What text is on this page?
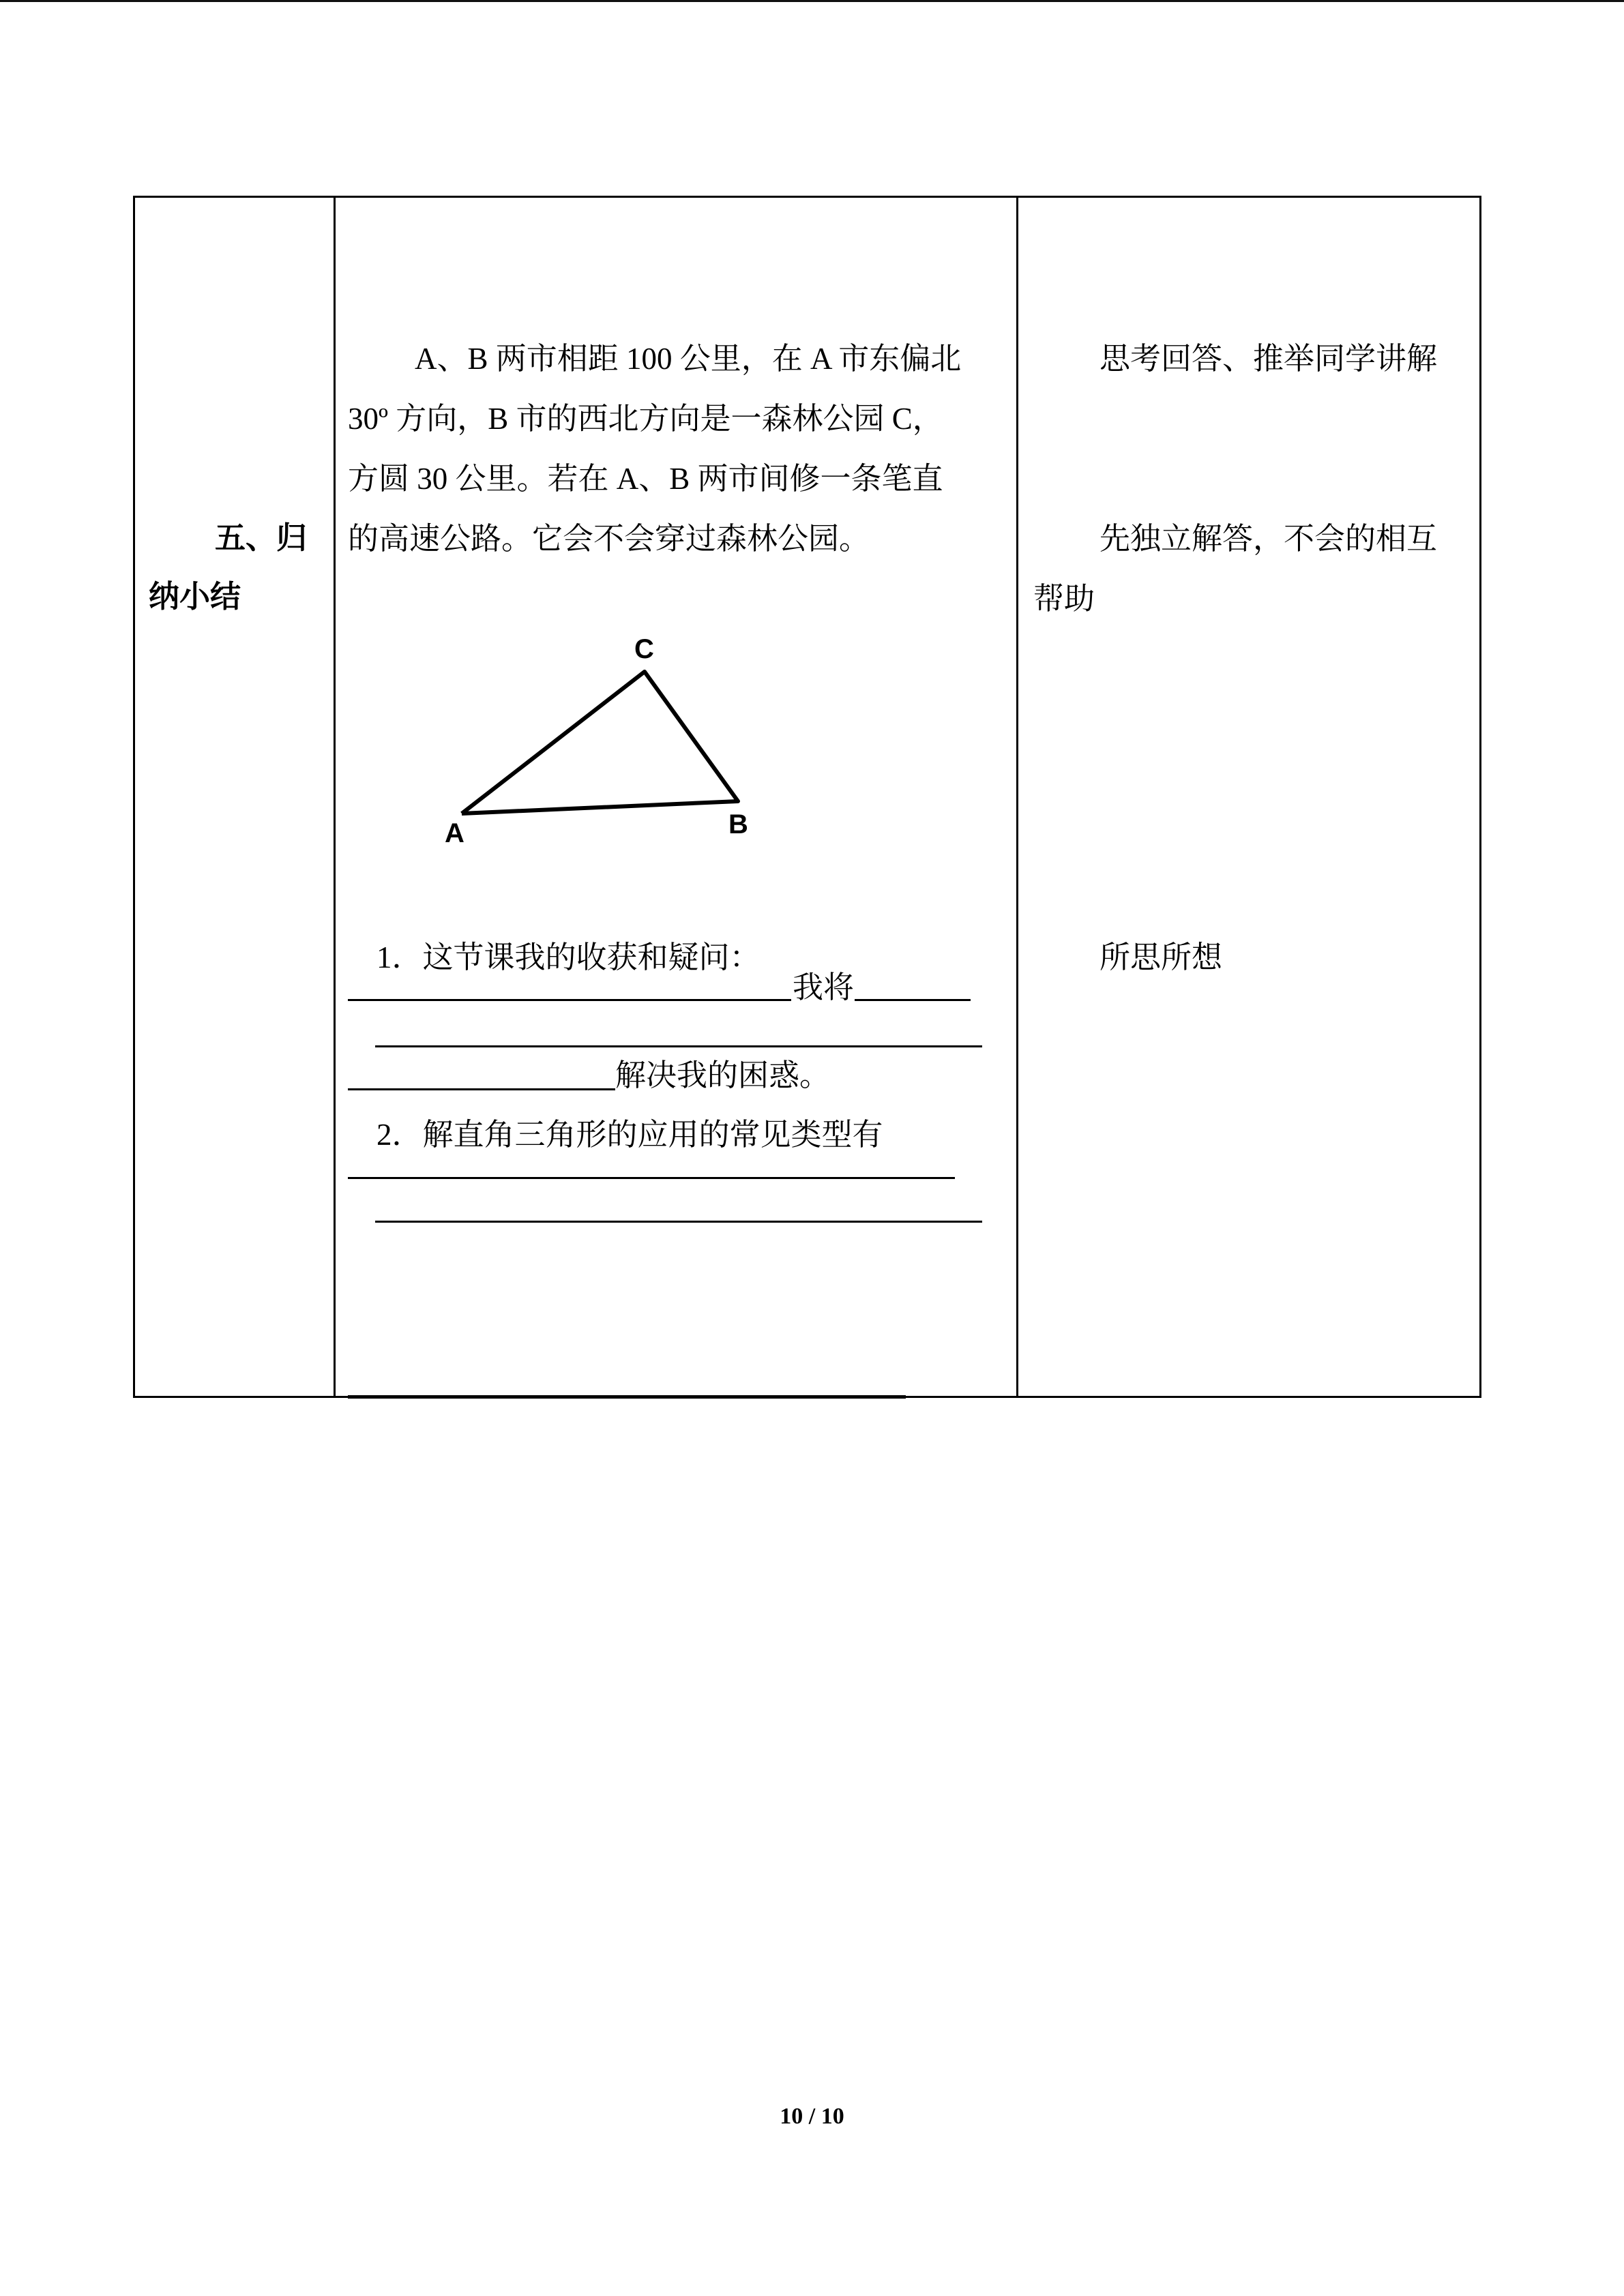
五、归
纳小结
A、B 两市相距 100 公里，在 A 市东偏北
30º 方向，B 市的西北方向是一森林公园 C，
方圆 30 公里。若在 A、B 两市间修一条笔直
的高速公路。它会不会穿过森林公园。
C
A	B
1．这节课我的收获和疑问：
我将
解决我的困惑。
2．解直角三角形的应用的常见类型有
思考回答、推举同学讲解
先独立解答，不会的相互
帮助
所思所想
10 / 10
